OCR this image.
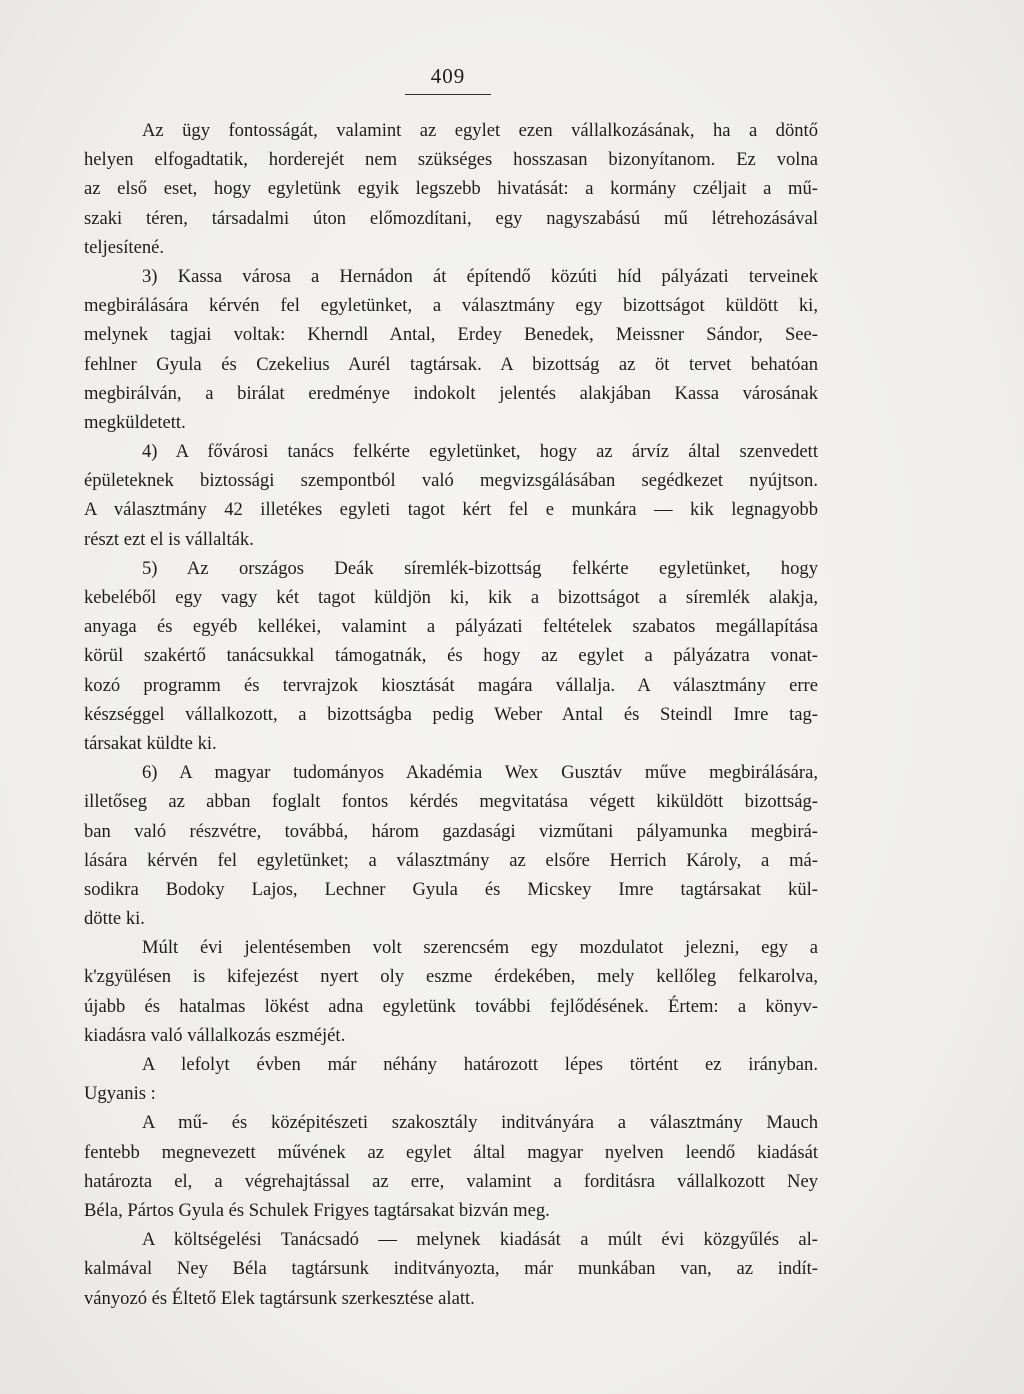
409
Az ügy fontosságát, valamint az egylet ezen vállalkozásának, ha a döntő
helyen elfogadtatik, horderejét nem szükséges hosszasan bizonyítanom. Ez volna
az első eset, hogy egyletünk egyik legszebb hivatását: a kormány czéljait a mű-
szaki téren, társadalmi úton előmozdítani, egy nagyszabású mű létrehozásával
teljesítené.
3) Kassa városa a Hernádon át építendő közúti híd pályázati terveinek
megbirálására kérvén fel egyletünket, a választmány egy bizottságot küldött ki,
melynek tagjai voltak: Kherndl Antal, Erdey Benedek, Meissner Sándor, See-
fehlner Gyula és Czekelius Aurél tagtársak. A bizottság az öt tervet behatóan
megbirálván, a birálat eredménye indokolt jelentés alakjában Kassa városának
megküldetett.
4) A fővárosi tanács felkérte egyletünket, hogy az árvíz által szenvedett
épületeknek biztossági szempontból való megvizsgálásában segédkezet nyújtson.
A választmány 42 illetékes egyleti tagot kért fel e munkára — kik legnagyobb
részt ezt el is vállalták.
5) Az országos Deák síremlék-bizottság felkérte egyletünket, hogy
kebeléből egy vagy két tagot küldjön ki, kik a bizottságot a síremlék alakja,
anyaga és egyéb kellékei, valamint a pályázati feltételek szabatos megállapítása
körül szakértő tanácsukkal támogatnák, és hogy az egylet a pályázatra vonat-
kozó programm és tervrajzok kiosztását magára vállalja. A választmány erre
készséggel vállalkozott, a bizottságba pedig Weber Antal és Steindl Imre tag-
társakat küldte ki.
6) A magyar tudományos Akadémia Wex Gusztáv műve megbirálására,
illetőseg az abban foglalt fontos kérdés megvitatása végett kiküldött bizottság-
ban való részvétre, továbbá, három gazdasági vizműtani pályamunka megbirá-
lására kérvén fel egyletünket; a választmány az elsőre Herrich Károly, a má-
sodikra Bodoky Lajos, Lechner Gyula és Micskey Imre tagtársakat kül-
dötte ki.
Múlt évi jelentésemben volt szerencsém egy mozdulatot jelezni, egy a
k'zgyülésen is kifejezést nyert oly eszme érdekében, mely kellőleg felkarolva,
újabb és hatalmas lökést adna egyletünk további fejlődésének. Értem: a könyv-
kiadásra való vállalkozás eszméjét.
A lefolyt évben már néhány határozott lépes történt ez irányban.
Ugyanis :
A mű- és középitészeti szakosztály inditványára a választmány Mauch
fentebb megnevezett művének az egylet által magyar nyelven leendő kiadását
határozta el, a végrehajtással az erre, valamint a forditásra vállalkozott Ney
Béla, Pártos Gyula és Schulek Frigyes tagtársakat bizván meg.
A költségelési Tanácsadó — melynek kiadását a múlt évi közgyűlés al-
kalmával Ney Béla tagtársunk inditványozta, már munkában van, az indít-
ványozó és Éltető Elek tagtársunk szerkesztése alatt.
